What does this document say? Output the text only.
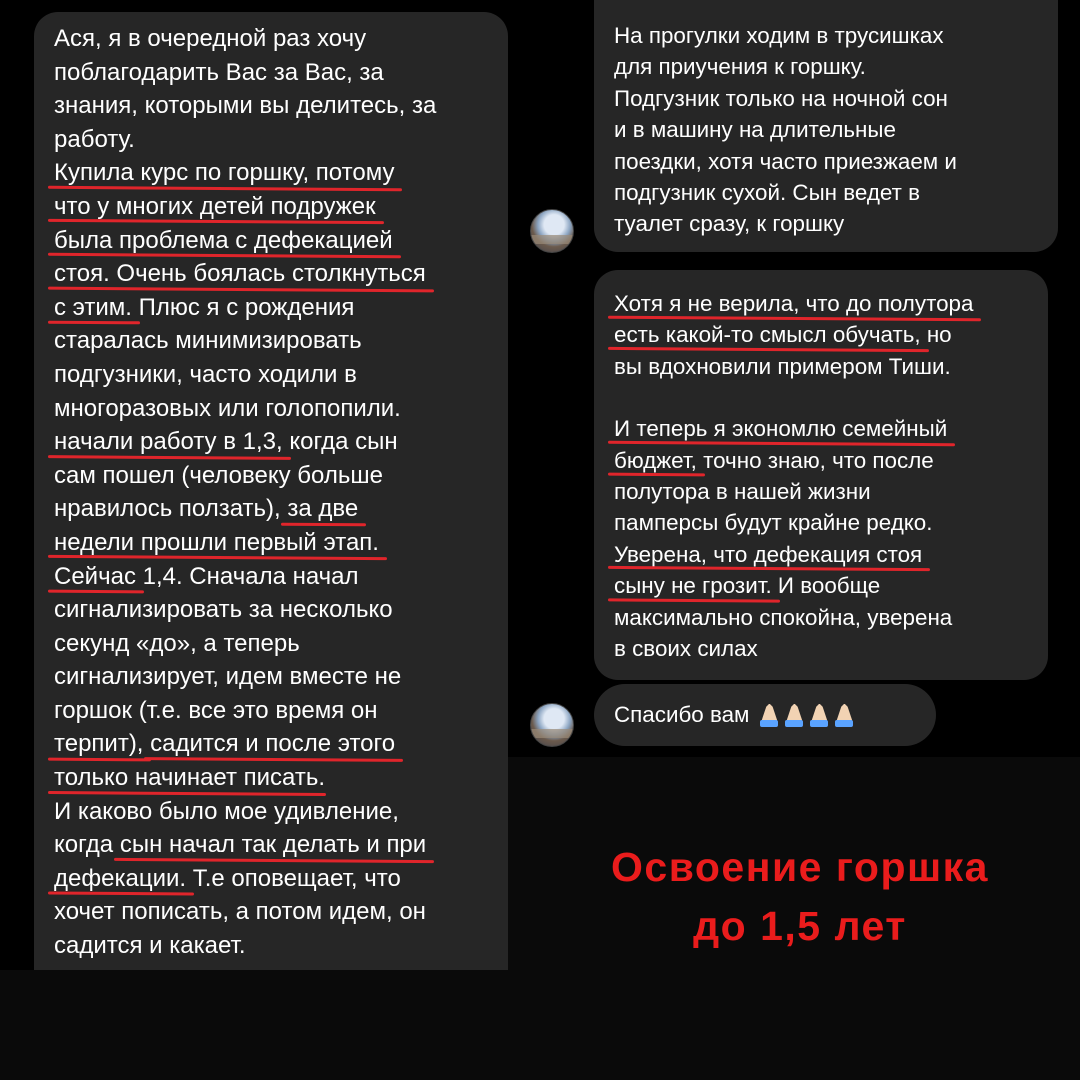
Ася, я в очередной раз хочу
поблагодарить Вас за Вас, за
знания, которыми вы делитесь, за
работу.
Купила курс по горшку, потому
что у многих детей подружек
была проблема с дефекацией
стоя. Очень боялась столкнуться
с этим. Плюс я с рождения
старалась минимизировать
подгузники, часто ходили в
многоразовых или голопопили.
начали работу в 1,3, когда сын
сам пошел (человеку больше
нравилось ползать), за две
недели прошли первый этап.
Сейчас 1,4. Сначала начал
сигнализировать за несколько
секунд «до», а теперь
сигнализирует, идем вместе не
горшок (т.е. все это время он
терпит), садится и после этого
только начинает писать.
И каково было мое удивление,
когда сын начал так делать и при
дефекации. Т.е оповещает, что
хочет пописать, а потом идем, он
садится и какает.
На прогулки ходим в трусишках
для приучения к горшку.
Подгузник только на ночной сон
и в машину на длительные
поездки, хотя часто приезжаем и
подгузник сухой. Сын ведет в
туалет сразу, к горшку
Хотя я не верила, что до полутора
есть какой-то смысл обучать, но
вы вдохновили примером Тиши.
И теперь я экономлю семейный
бюджет, точно знаю, что после
полутора в нашей жизни
памперсы будут крайне редко.
Уверена, что дефекация стоя
сыну не грозит. И вообще
максимально спокойна, уверена
в своих силах
Спасибо вам
Освоение горшка
до 1,5 лет
